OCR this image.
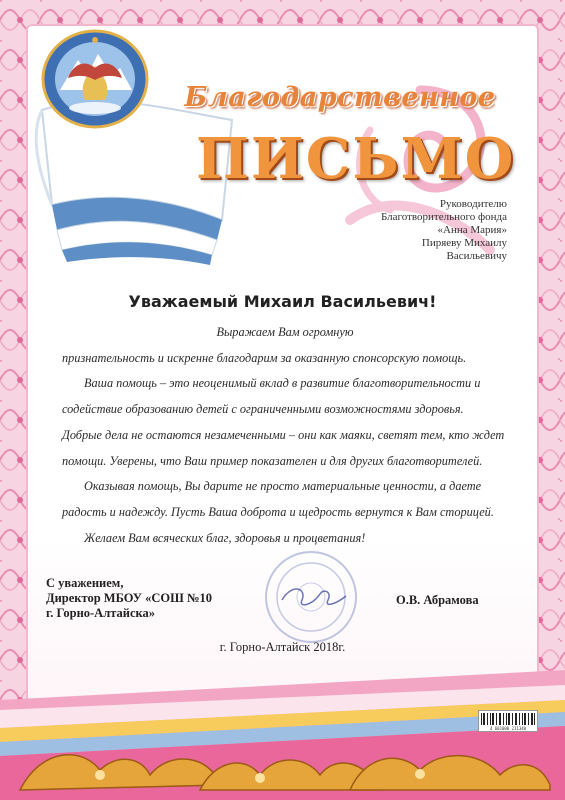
Благодарственное
ПИСЬМО
Руководителю
Благотворительного фонда
«Анна Мария»
Пиряеву Михаилу
Васильевичу
Уважаемый Михаил Васильевич!
Выражаем Вам огромную
признательность и искренне благодарим за оказанную спонсорскую помощь.
Ваша помощь – это неоценимый вклад в развитие благотворительности и
содействие образованию детей с ограниченными возможностями здоровья.
Добрые дела не остаются незамеченными – они как маяки, светят тем, кто ждет
помощи. Уверены, что Ваш пример показателен и для других благотворителей.
Оказывая помощь, Вы дарите не просто материальные ценности, а даете
радость и надежду. Пусть Ваша доброта и щедрость вернутся к Вам сторицей.
Желаем Вам всяческих благ, здоровья и процветания!
С уважением,
Директор МБОУ «СОШ №10
г. Горно-Алтайска»
О.В. Абрамова
г. Горно-Алтайск 2018г.
4 601000 211340
